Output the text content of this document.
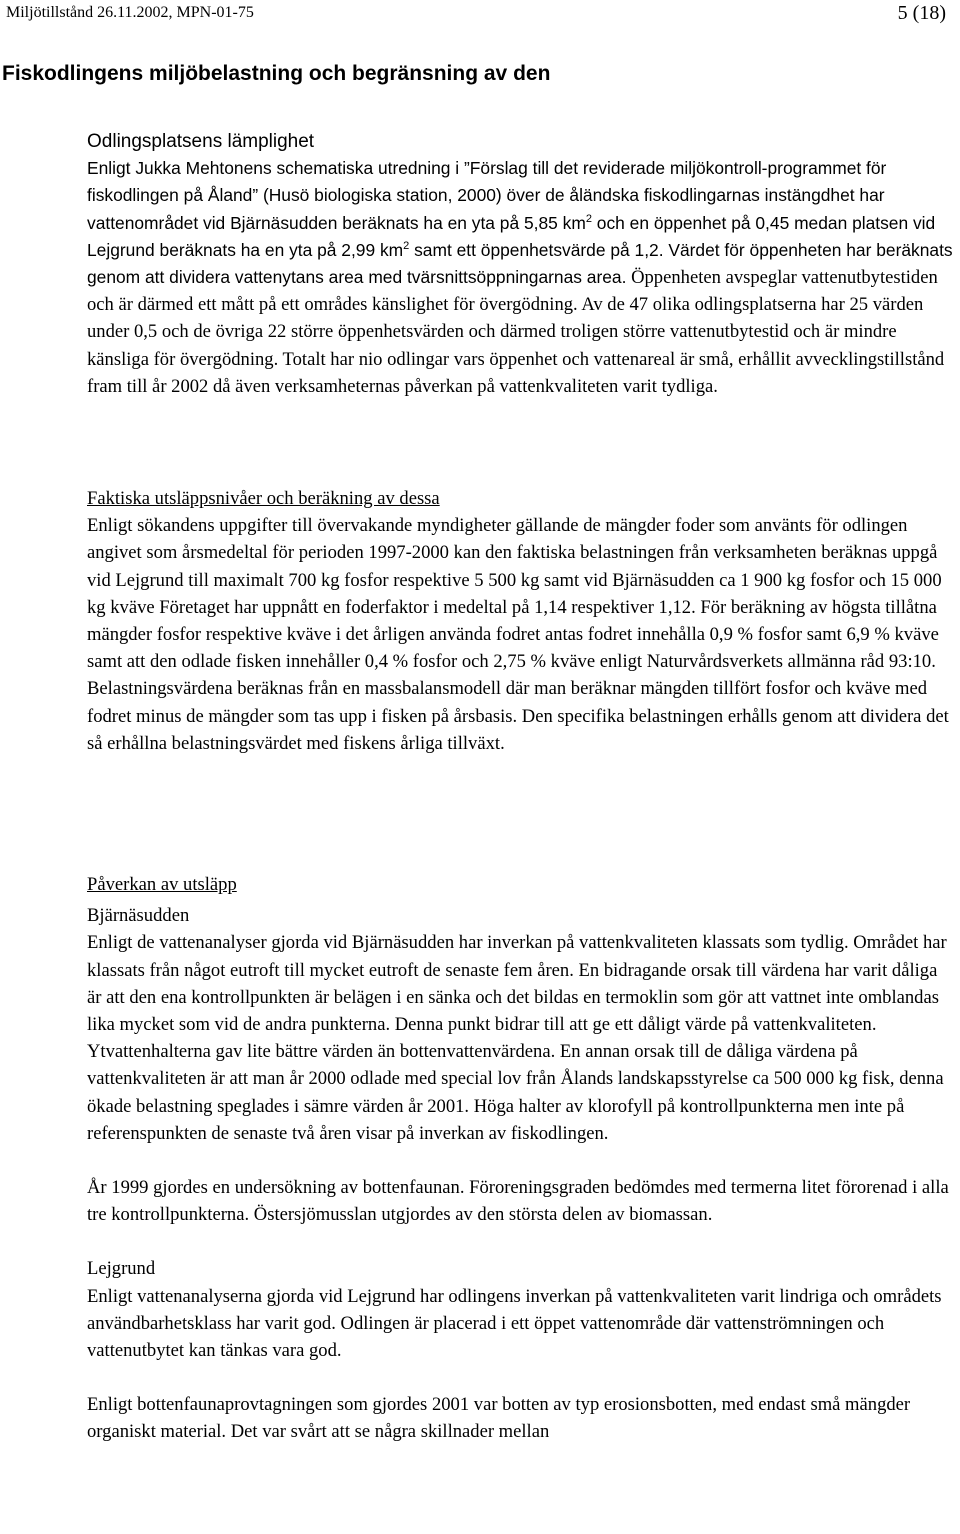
Miljötillstånd 26.11.2002, MPN-01-75	5 (18)
Fiskodlingens miljöbelastning och begränsning av den
Odlingsplatsens lämplighet

Enligt Jukka Mehtonens schematiska utredning i ”Förslag till det reviderade miljökontroll-programmet för fiskodlingen på Åland” (Husö biologiska station, 2000) över de åländska fiskodlingarnas instängdhet har vattenområdet vid Bjärnäsudden beräknats ha en yta på 5,85 $km^2$ och en öppenhet på 0,45 medan platsen vid Lejgrund beräknats ha en yta på 2,99 $km^2$ samt ett öppenhetsvärde på 1,2. Värdet för öppenheten har beräknats genom att dividera vattenytans area med tvärsnittsöppningarnas area. Öppenheten avspeglar vattenutbytestiden och är därmed ett mått på ett områdes känslighet för övergödning. Av de 47 olika odlingsplatserna har 25 värden under 0,5 och de övriga 22 större öppenhetsvärden och därmed troligen större vattenutbytestid och är mindre känsliga för övergödning. Totalt har nio odlingar vars öppenhet och vattenareal är små, erhållit avvecklingstillstånd fram till år 2002 då även verksamheternas påverkan på vattenkvaliteten varit tydliga.

Faktiska utsläppsnivåer och beräkning av dessa

Enligt sökandens uppgifter till övervakande myndigheter gällande de mängder foder som använts för odlingen angivet som årsmedeltal för perioden 1997-2000 kan den faktiska belastningen från verksamheten beräknas uppgå vid Lejgrund till maximalt 700 kg fosfor respektive 5 500 kg samt vid Bjärnäsudden ca 1 900 kg fosfor och 15 000 kg kväve Företaget har uppnått en foderfaktor i medeltal på 1,14 respektiver 1,12. För beräkning av högsta tillåtna mängder fosfor respektive kväve i det årligen använda fodret antas fodret innehålla 0,9 % fosfor samt 6,9 % kväve samt att den odlade fisken innehåller 0,4 % fosfor och 2,75 % kväve enligt Naturvårdsverkets allmänna råd 93:10. Belastningsvärdena beräknas från en massbalansmodell där man beräknar mängden tillfört fosfor och kväve med fodret minus de mängder som tas upp i fisken på årsbasis. Den specifika belastningen erhålls genom att dividera det så erhållna belastningsvärdet med fiskens årliga tillväxt.

Påverkan av utsläpp
Bjärnäsudden

Enligt de vattenanalyser gjorda vid Bjärnäsudden har inverkan på vattenkvaliteten klassats som tydlig. Området har klassats från något eutroft till mycket eutroft de senaste fem åren. En bidragande orsak till värdena har varit dåliga är att den ena kontrollpunkten är belägen i en sänka och det bildas en termoklin som gör att vattnet inte omblandas lika mycket som vid de andra punkterna. Denna punkt bidrar till att ge ett dåligt värde på vattenkvaliteten. Ytvattenhalterna gav lite bättre värden än bottenvattenvärdena. En annan orsak till de dåliga värdena på vattenkvaliteten är att man år 2000 odlade med special lov från Ålands landskapsstyrelse ca 500 000 kg fisk, denna ökade belastning speglades i sämre värden år 2001. Höga halter av klorofyll på kontrollpunkterna men inte på referenspunkten de senaste två åren visar på inverkan av fiskodlingen.

År 1999 gjordes en undersökning av bottenfaunan. Föroreningsgraden bedömdes med termerna litet förorenad i alla tre kontrollpunkterna. Östersjömusslan utgjordes av den största delen av biomassan.

Lejgrund

Enligt vattenanalyserna gjorda vid Lejgrund har odlingens inverkan på vattenkvaliteten varit lindriga och områdets användbarhetsklass har varit god. Odlingen är placerad i ett öppet vattenområde där vattenströmningen och vattenutbytet kan tänkas vara god.

Enligt bottenfaunaprovtagningen som gjordes 2001 var botten av typ erosionsbotten, med endast små mängder organiskt material. Det var svårt att se några skillnader mellan
